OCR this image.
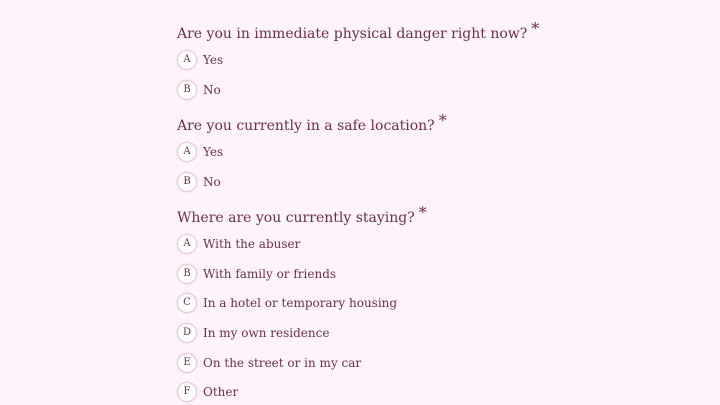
Are you in immediate physical danger right now? *
A	Yes
B	No
Are you currently in a safe location? *
A	Yes
B	No
Where are you currently staying? *
A	With the abuser
B	With family or friends
C	In a hotel or temporary housing
D In my own residence
E	On the street or in my car
F	Other
